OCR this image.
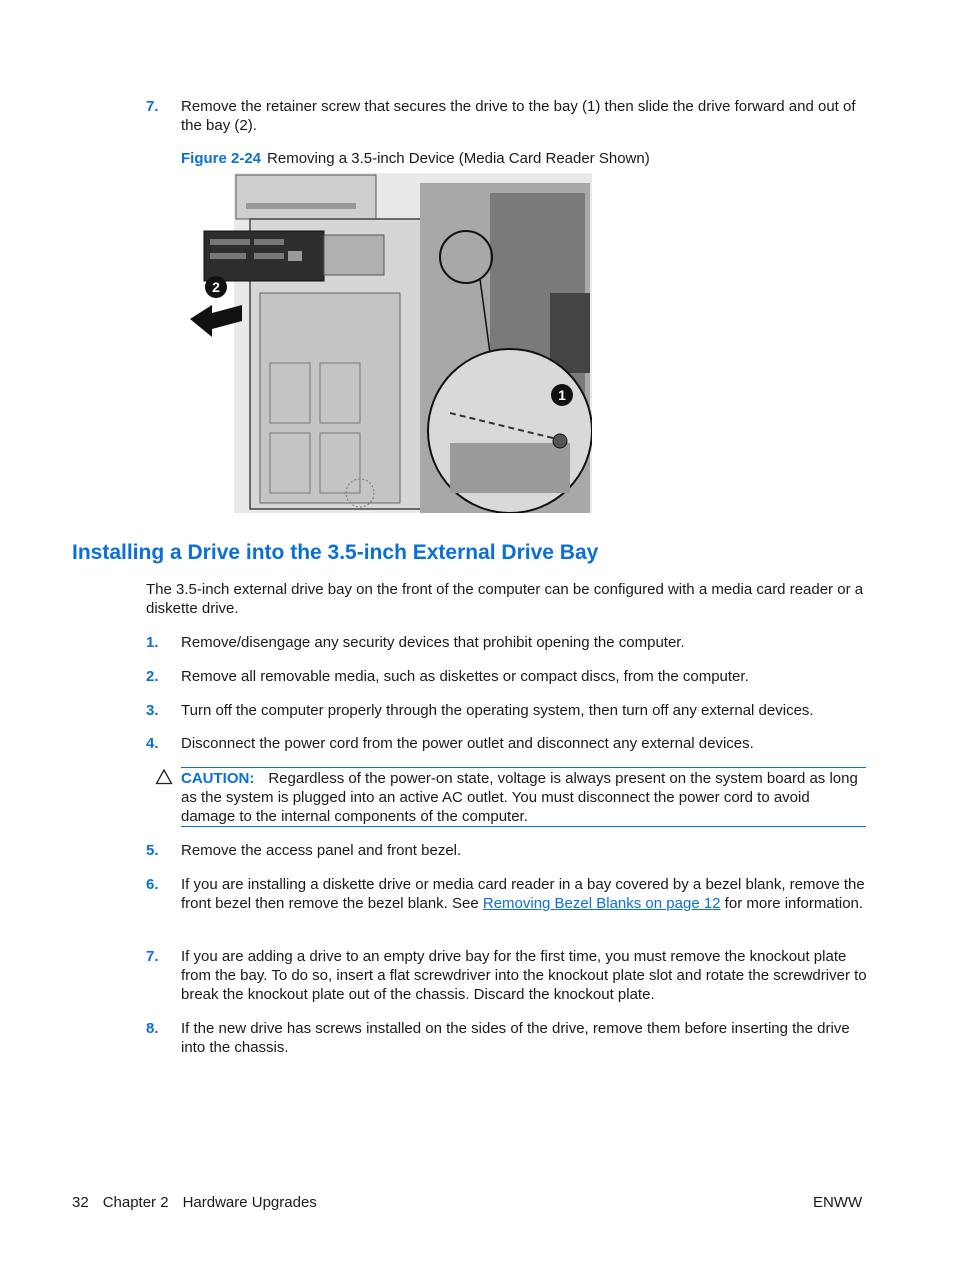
7. Remove the retainer screw that secures the drive to the bay (1) then slide the drive forward and out of the bay (2).
Figure 2-24 Removing a 3.5-inch Device (Media Card Reader Shown)
2
1
Installing a Drive into the 3.5-inch External Drive Bay
The 3.5-inch external drive bay on the front of the computer can be configured with a media card reader or a diskette drive.
1. Remove/disengage any security devices that prohibit opening the computer.
2. Remove all removable media, such as diskettes or compact discs, from the computer.
3. Turn off the computer properly through the operating system, then turn off any external devices.
4. Disconnect the power cord from the power outlet and disconnect any external devices.
CAUTION: Regardless of the power-on state, voltage is always present on the system board as long as the system is plugged into an active AC outlet. You must disconnect the power cord to avoid damage to the internal components of the computer.
5. Remove the access panel and front bezel.
6. If you are installing a diskette drive or media card reader in a bay covered by a bezel blank, remove the front bezel then remove the bezel blank. See Removing Bezel Blanks on page 12 for more information.
7. If you are adding a drive to an empty drive bay for the first time, you must remove the knockout plate from the bay. To do so, insert a flat screwdriver into the knockout plate slot and rotate the screwdriver to break the knockout plate out of the chassis. Discard the knockout plate.
8. If the new drive has screws installed on the sides of the drive, remove them before inserting the drive into the chassis.
32 Chapter 2 Hardware Upgrades	ENWW
